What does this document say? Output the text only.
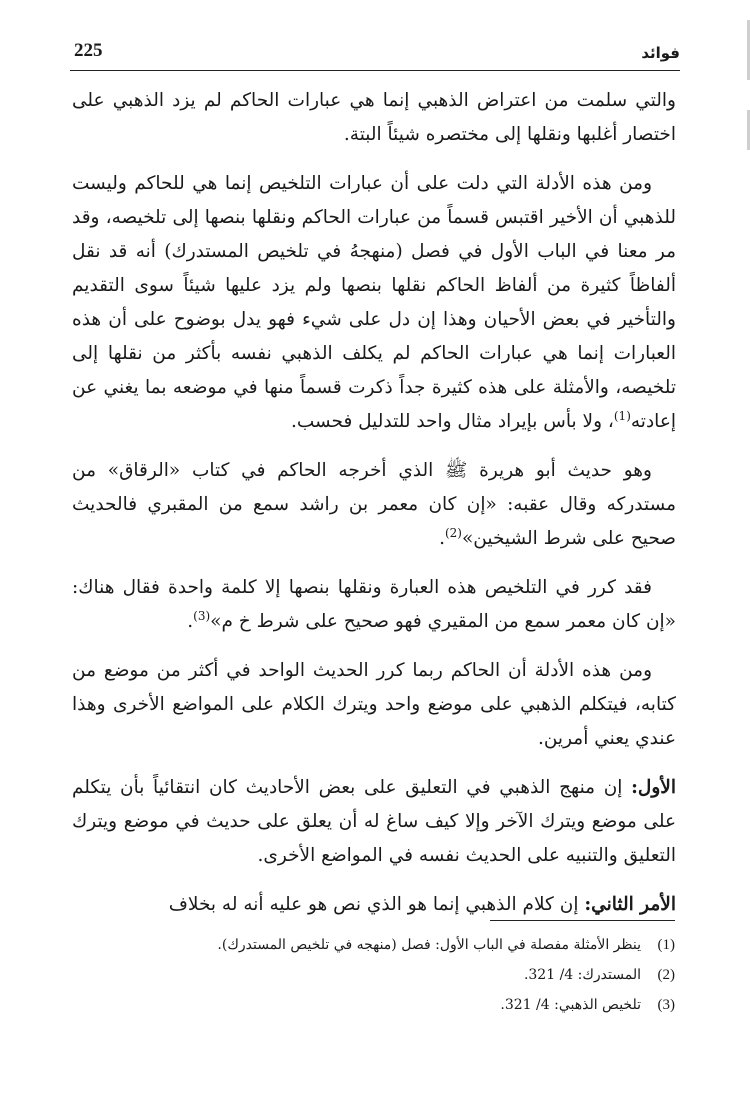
225	فوائد

والتي سلمت من اعتراض الذهبي إنما هي عبارات الحاكم لم يزد الذهبي على اختصار أغلبها ونقلها إلى مختصره شيئاً البتة.

ومن هذه الأدلة التي دلت على أن عبارات التلخيص إنما هي للحاكم وليست للذهبي أن الأخير اقتبس قسماً من عبارات الحاكم ونقلها بنصها إلى تلخيصه، وقد مر معنا في الباب الأول في فصل (منهجهُ في تلخيص المستدرك) أنه قد نقل ألفاظاً كثيرة من ألفاظ الحاكم نقلها بنصها ولم يزد عليها شيئاً سوى التقديم والتأخير في بعض الأحيان وهذا إن دل على شيء فهو يدل بوضوح على أن هذه العبارات إنما هي عبارات الحاكم لم يكلف الذهبي نفسه بأكثر من نقلها إلى تلخيصه، والأمثلة على هذه كثيرة جداً ذكرت قسماً منها في موضعه بما يغني عن إعادته$^{(1)}$، ولا بأس بإيراد مثال واحد للتدليل فحسب.

وهو حديث أبو هريرة ﷺ الذي أخرجه الحاكم في كتاب «الرقاق» من مستدركه وقال عقبه: «إن كان معمر بن راشد سمع من المقبري فالحديث صحيح على شرط الشيخين»$^{(2)}$.

فقد كرر في التلخيص هذه العبارة ونقلها بنصها إلا كلمة واحدة فقال هناك: «إن كان معمر سمع من المقيري فهو صحيح على شرط خ م»$^{(3)}$.

ومن هذه الأدلة أن الحاكم ربما كرر الحديث الواحد في أكثر من موضع من كتابه، فيتكلم الذهبي على موضع واحد ويترك الكلام على المواضع الأخرى وهذا عندي يعني أمرين.

الأول: إن منهج الذهبي في التعليق على بعض الأحاديث كان انتقائياً بأن يتكلم على موضع ويترك الآخر وإلا كيف ساغ له أن يعلق على حديث في موضع ويترك التعليق والتنبيه على الحديث نفسه في المواضع الأخرى.

الأمر الثاني: إن كلام الذهبي إنما هو الذي نص هو عليه أنه له بخلاف

(1)
ينظر الأمثلة مفصلة في الباب الأول: فصل (منهجه في تلخيص المستدرك).
(2)
المستدرك: 4/ 321.
(3)
تلخيص الذهبي: 4/ 321.
